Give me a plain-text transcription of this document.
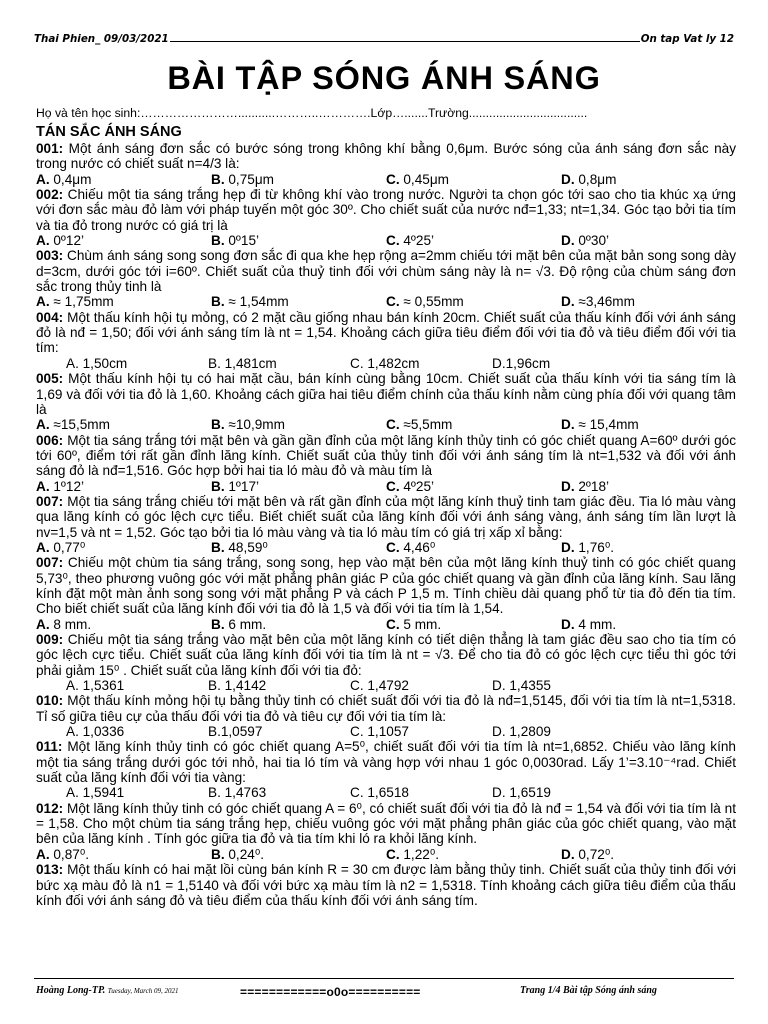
Thai Phien_ 09/03/2021	On tap Vat ly 12
BÀI TẬP SÓNG ÁNH SÁNG
Họ và tên học sinh:……………………...........………..………….Lớp….......Trường...................................
TÁN SẮC ÁNH SÁNG
001: Một ánh sáng đơn sắc có bước sóng trong không khí bằng 0,6μm. Bước sóng của ánh sáng đơn sắc này trong nước có chiết suất n=4/3 là:
A. 0,4μm	B. 0,75μm	C. 0,45μm	D. 0,8μm
002: Chiếu một tia sáng trắng hẹp đi từ không khí vào trong nước. Người ta chọn góc tới sao cho tia khúc xạ ứng với đơn sắc màu đỏ làm với pháp tuyến một góc 30º. Cho chiết suất của nước nđ=1,33; nt=1,34. Góc tạo bởi tia tím và tia đỏ trong nước có giá trị là
A. 0º12’	B. 0º15’	C. 4º25’	D. 0º30’
003: Chùm ánh sáng song song đơn sắc đi qua khe hẹp rộng a=2mm chiếu tới mặt bên của mặt bản song song dày d=3cm, dưới góc tới i=60º. Chiết suất của thuỷ tinh đối với chùm sáng này là n= √3. Độ rộng của chùm sáng đơn sắc trong thủy tinh là
A. ≈ 1,75mm	B. ≈ 1,54mm	C. ≈ 0,55mm	D. ≈3,46mm
004: Một thấu kính hội tụ mỏng, có 2 mặt cầu giống nhau bán kính 20cm. Chiết suất của thấu kính đối với ánh sáng đỏ là nđ = 1,50; đối với ánh sáng tím là nt = 1,54. Khoảng cách giữa tiêu điểm đối với tia đỏ và tiêu điểm đối với tia tím:
A. 1,50cm	B. 1,481cm	C. 1,482cm	D.1,96cm
005: Một thấu kính hội tụ có hai mặt cầu, bán kính cùng bằng 10cm. Chiết suất của thấu kính với tia sáng tím là 1,69 và đối với tia đỏ là 1,60. Khoảng cách giữa hai tiêu điểm chính của thấu kính nằm cùng phía đối với quang tâm là
A. ≈15,5mm	B. ≈10,9mm	C. ≈5,5mm	D. ≈ 15,4mm
006: Một tia sáng trắng tới mặt bên và gần gần đỉnh của một lăng kính thủy tinh có góc chiết quang A=60º dưới góc tới 60º, điểm tới rất gần đỉnh lăng kính. Chiết suất của thủy tinh đối với ánh sáng tím là nt=1,532 và đối với ánh sáng đỏ là nđ=1,516. Góc hợp bởi hai tia ló màu đỏ và màu tím là
A. 1º12’	B. 1º17’	C. 4º25’	D. 2º18’
007: Một tia sáng trắng chiếu tới mặt bên và rất gần đỉnh của một lăng kính thuỷ tinh tam giác đều. Tia ló màu vàng qua lăng kính có góc lệch cực tiểu. Biết chiết suất của lăng kính đối với ánh sáng vàng, ánh sáng tím lần lượt là nv=1,5 và nt = 1,52. Góc tạo bởi tia ló màu vàng và tia ló màu tím có giá trị xấp xỉ bằng:
A. 0,77⁰	B. 48,59⁰	C. 4,46⁰	D. 1,76⁰.
007: Chiếu một chùm tia sáng trắng, song song, hẹp vào mặt bên của một lăng kính thuỷ tinh có góc chiết quang 5,73⁰, theo phương vuông góc với mặt phẳng phân giác P của góc chiết quang và gần đỉnh của lăng kính. Sau lăng kính đặt một màn ảnh song song với mặt phẳng P và cách P 1,5 m. Tính chiều dài quang phổ từ tia đỏ đến tia tím. Cho biết chiết suất của lăng kính đối với tia đỏ là 1,5 và đối với tia tím là 1,54.
A. 8 mm.	B. 6 mm.	C. 5 mm.	D. 4 mm.
009: Chiếu một tia sáng trắng vào mặt bên của một lăng kính có tiết diện thẳng là tam giác đều sao cho tia tím có góc lệch cực tiểu. Chiết suất của lăng kính đối với tia tím là nt = √3. Để cho tia đỏ có góc lệch cực tiểu thì góc tới phải giảm 15⁰ . Chiết suất của lăng kính đối với tia đỏ:
A. 1,5361	B. 1,4142	C. 1,4792	D. 1,4355
010: Một thấu kính mỏng hội tụ bằng thủy tinh có chiết suất đối với tia đỏ là nđ=1,5145, đối với tia tím là nt=1,5318. Tỉ số giữa tiêu cự của thấu đối với tia đỏ và tiêu cự đối với tia tím là:
A. 1,0336	B.1,0597	C. 1,1057	D. 1,2809
011: Một lăng kính thủy tinh có góc chiết quang A=5⁰, chiết suất đối với tia tím là nt=1,6852. Chiếu vào lăng kính một tia sáng trắng dưới góc tới nhỏ, hai tia ló tím và vàng hợp với nhau 1 góc 0,0030rad. Lấy 1’=3.10⁻⁴rad. Chiết suất của lăng kính đối với tia vàng:
A. 1,5941	B. 1,4763	C. 1,6518	D. 1,6519
012: Một lăng kính thủy tinh có góc chiết quang A = 6⁰, có chiết suất đối với tia đỏ là nđ = 1,54 và đối với tia tím là nt = 1,58. Cho một chùm tia sáng trắng hẹp, chiếu vuông góc với mặt phẳng phân giác của góc chiết quang, vào mặt bên của lăng kính . Tính góc giữa tia đỏ và tia tím khi ló ra khỏi lăng kính.
A. 0,87⁰.	B. 0,24⁰.	C. 1,22⁰.	D. 0,72⁰.
013: Một thấu kính có hai mặt lồi cùng bán kính R = 30 cm được làm bằng thủy tinh. Chiết suất của thủy tinh đối với bức xạ màu đỏ là n1 = 1,5140 và đối với bức xạ màu tím là n2 = 1,5318. Tính khoảng cách giữa tiêu điểm của thấu kính đối với ánh sáng đỏ và tiêu điểm của thấu kính đối với ánh sáng tím.
Hoàng Long-TP. Tuesday, March 09, 2021	============o0o==========	Trang 1/4 Bài tập Sóng ánh sáng
